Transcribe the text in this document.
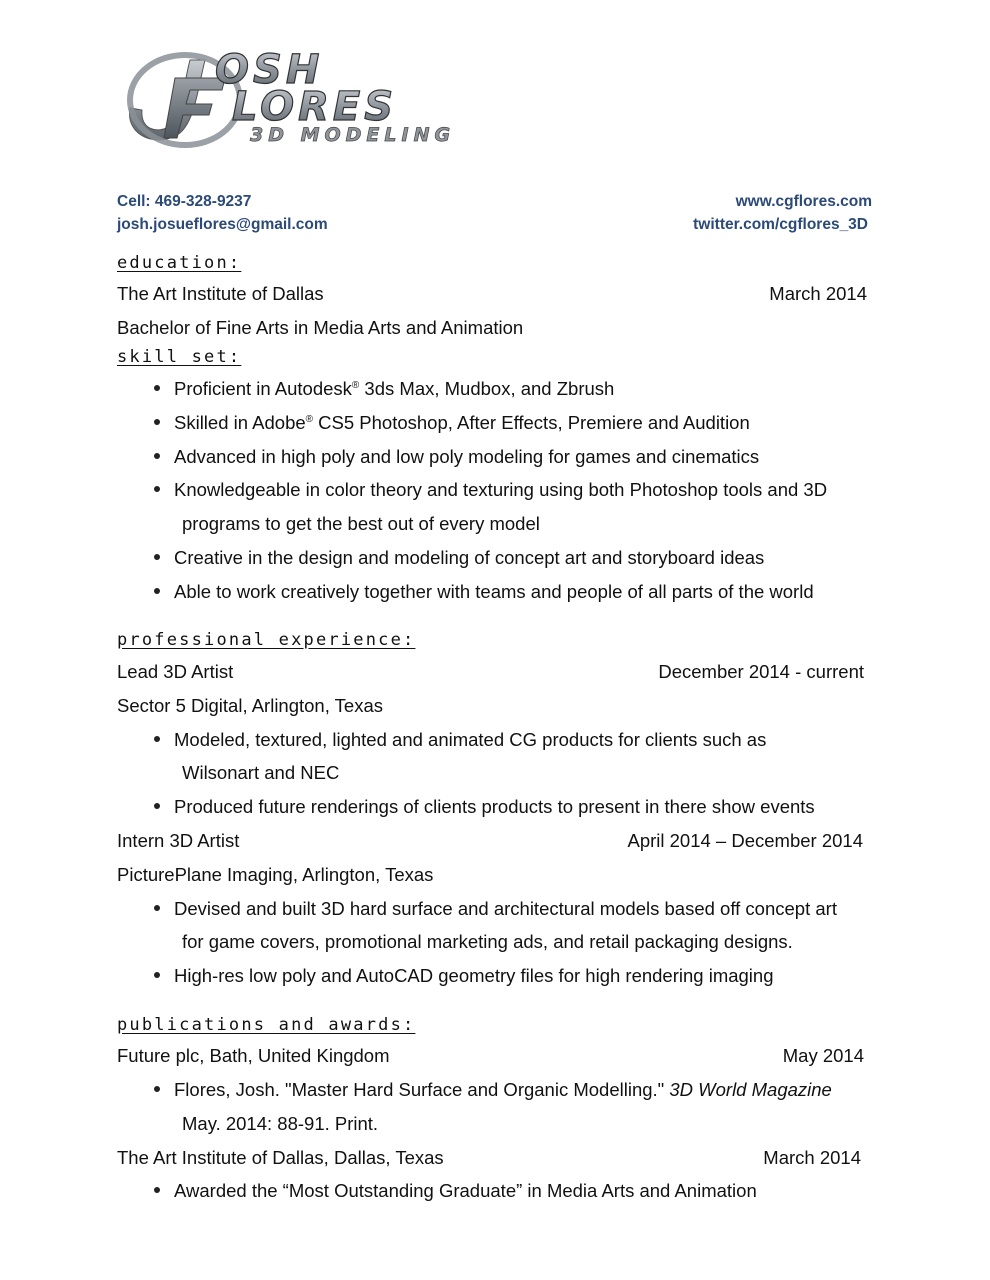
OSH
LORES
3D MODELING
Cell: 469-328-9237	www.cgflores.com
josh.josueflores@gmail.com	twitter.com/cgflores_3D
education:
The Art Institute of Dallas	March 2014
Bachelor of Fine Arts in Media Arts and Animation
skill set:
Proficient in Autodesk® 3ds Max, Mudbox, and Zbrush
Skilled in Adobe® CS5 Photoshop, After Effects, Premiere and Audition
Advanced in high poly and low poly modeling for games and cinematics
Knowledgeable in color theory and texturing using both Photoshop tools and 3D
programs to get the best out of every model
Creative in the design and modeling of concept art and storyboard ideas
Able to work creatively together with teams and people of all parts of the world
professional experience:
Lead 3D Artist	December 2014 - current
Sector 5 Digital, Arlington, Texas
Modeled, textured, lighted and animated CG products for clients such as
Wilsonart and NEC
Produced future renderings of clients products to present in there show events
Intern 3D Artist	April 2014 – December 2014
PicturePlane Imaging, Arlington, Texas
Devised and built 3D hard surface and architectural models based off concept art
for game covers, promotional marketing ads, and retail packaging designs.
High-res low poly and AutoCAD geometry files for high rendering imaging
publications and awards:
Future plc, Bath, United Kingdom	May 2014
Flores, Josh. "Master Hard Surface and Organic Modelling." 3D World Magazine
May. 2014: 88-91. Print.
The Art Institute of Dallas, Dallas, Texas	March 2014
Awarded the “Most Outstanding Graduate” in Media Arts and Animation
